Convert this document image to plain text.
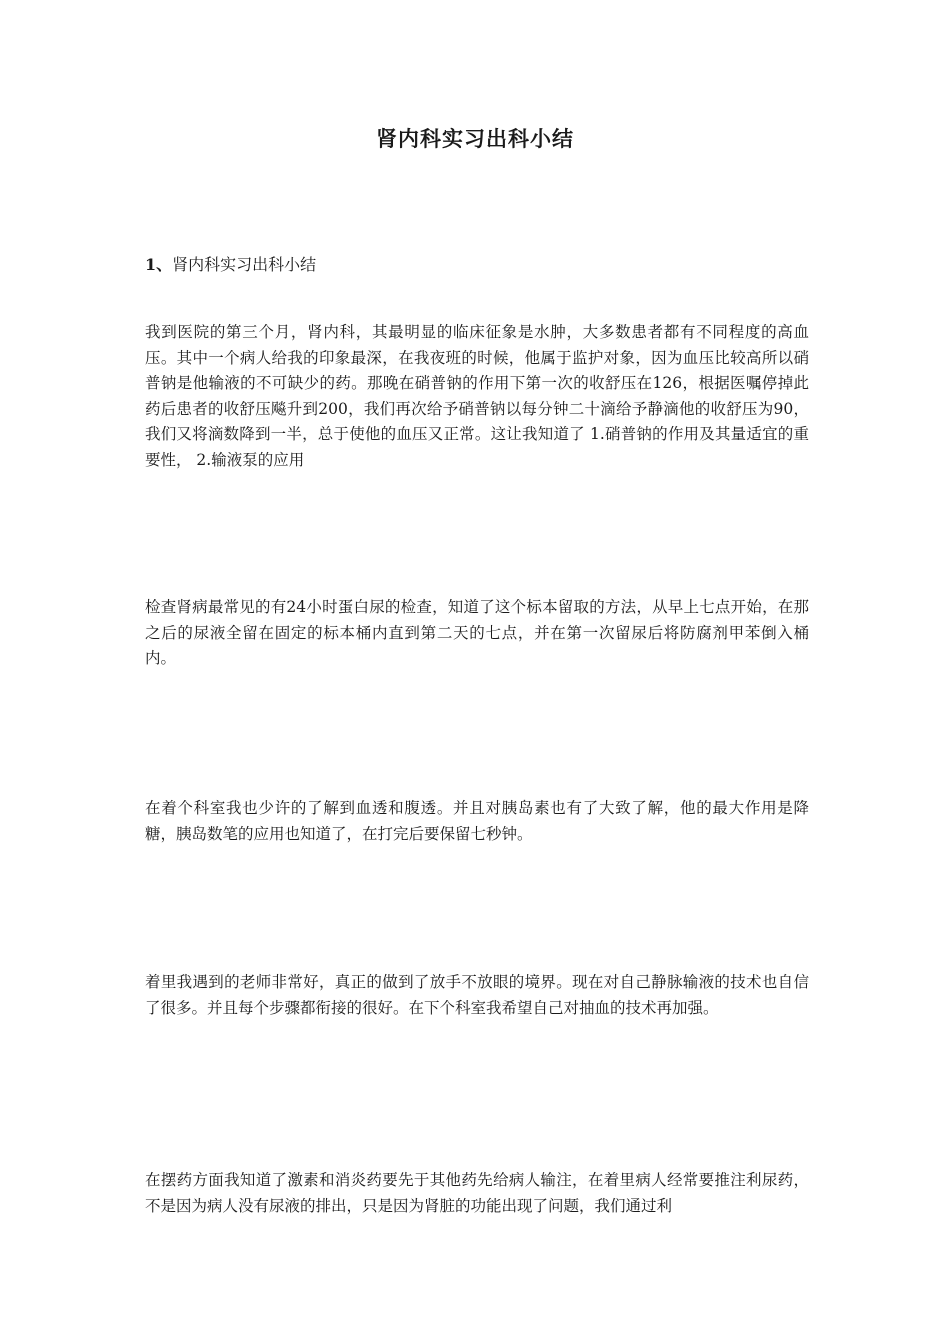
肾内科实习出科小结
1、肾内科实习出科小结

我到医院的第三个月，肾内科，其最明显的临床征象是水肿，大多数患者都有不同程度的高血压。其中一个病人给我的印象最深，在我夜班的时候，他属于监护对象，因为血压比较高所以硝普钠是他输液的不可缺少的药。那晚在硝普钠的作用下第一次的收舒压在126，根据医嘱停掉此药后患者的收舒压飚升到200，我们再次给予硝普钠以每分钟二十滴给予静滴他的收舒压为90，我们又将滴数降到一半，总于使他的血压又正常。这让我知道了 1.硝普钠的作用及其量适宜的重要性， 2.输液泵的应用

检查肾病最常见的有24小时蛋白尿的检查，知道了这个标本留取的方法，从早上七点开始，在那之后的尿液全留在固定的标本桶内直到第二天的七点，并在第一次留尿后将防腐剂甲苯倒入桶内。

在着个科室我也少许的了解到血透和腹透。并且对胰岛素也有了大致了解，他的最大作用是降糖，胰岛数笔的应用也知道了，在打完后要保留七秒钟。

着里我遇到的老师非常好，真正的做到了放手不放眼的境界。现在对自己静脉输液的技术也自信了很多。并且每个步骤都衔接的很好。在下个科室我希望自己对抽血的技术再加强。

在摆药方面我知道了激素和消炎药要先于其他药先给病人输注，在着里病人经常要推注利尿药，不是因为病人没有尿液的排出，只是因为肾脏的功能出现了问题，我们通过利
